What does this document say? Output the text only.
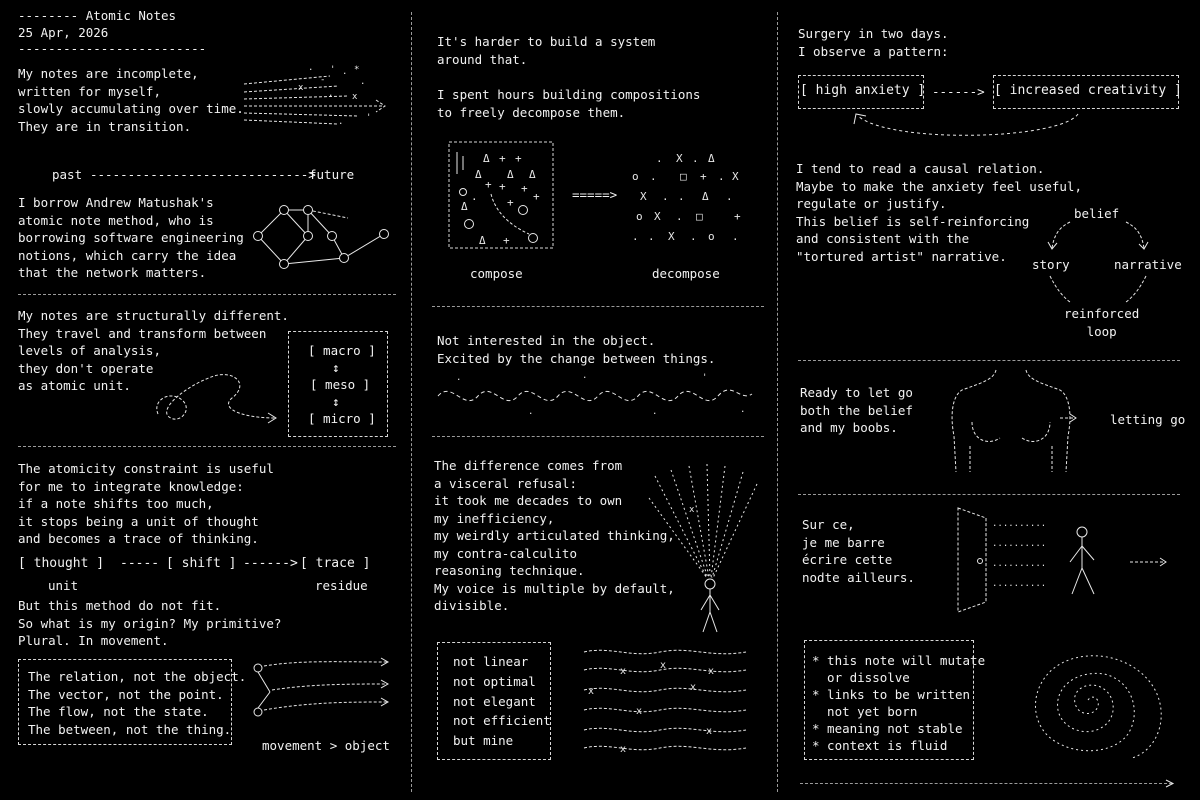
-------- Atomic Notes
25 Apr, 2026
-------------------------
My notes are incomplete,
written for myself,
slowly accumulating over time.
They are in transition.
. ' . *
-
x
x
.
.
.	'
past ----------------------------->
future
I borrow Andrew Matushak's
atomic note method, who is
borrowing software engineering
notions, which carry the idea
that the network matters.
My notes are structurally different.
They travel and transform between
levels of analysis,
they don't operate
as atomic unit.
[ macro ]
↕
[ meso ]
↕
[ micro ]
The atomicity constraint is useful
for me to integrate knowledge:
if a note shifts too much,
it stops being a unit of thought
and becomes a trace of thinking.
[ thought ] ----- [ shift ] ------> [ trace ]
unit	residue
But this method do not fit.
So what is my origin? My primitive?
Plural. In movement.
The relation, not the object.
The vector, not the point.
The flow, not the state.
The between, not the thing.
movement > object
It's harder to build a system
around that.
I spent hours building compositions
to freely decompose them.
Δ + +
Δ Δ Δ
+ + +
Δ	+ +
Δ +
.	=====>
. X . Δ
o . □ + . X
X . . Δ .
o X . □	+
. . X . o .
compose	decompose
Not interested in the object.
Excited by the change between things.
.
.
.
.
'
.
The difference comes from
a visceral refusal:
it took me decades to own
my inefficiency,
my weirdly articulated thinking,
my contra-calculito
reasoning technique.
My voice is multiple by default,
divisible.
x
not linear
not optimal
not elegant
not efficient
but mine
x
x
x
x	x
x
x
x
Surgery in two days.
I observe a pattern:
[ high anxiety ] ------> [ increased creativity ]
I tend to read a causal relation.
Maybe to make the anxiety feel useful,
regulate or justify.
This belief is self-reinforcing
and consistent with the
"tortured artist" narrative.
belief
story	narrative
reinforced
loop
Ready to let go
both the belief
and my boobs.
letting go
Sur ce,
je me barre
écrire cette
nodte ailleurs.
..........
..........
..........
..........
* this note will mutate
or dissolve
* links to be written
not yet born
* meaning not stable
* context is fluid
